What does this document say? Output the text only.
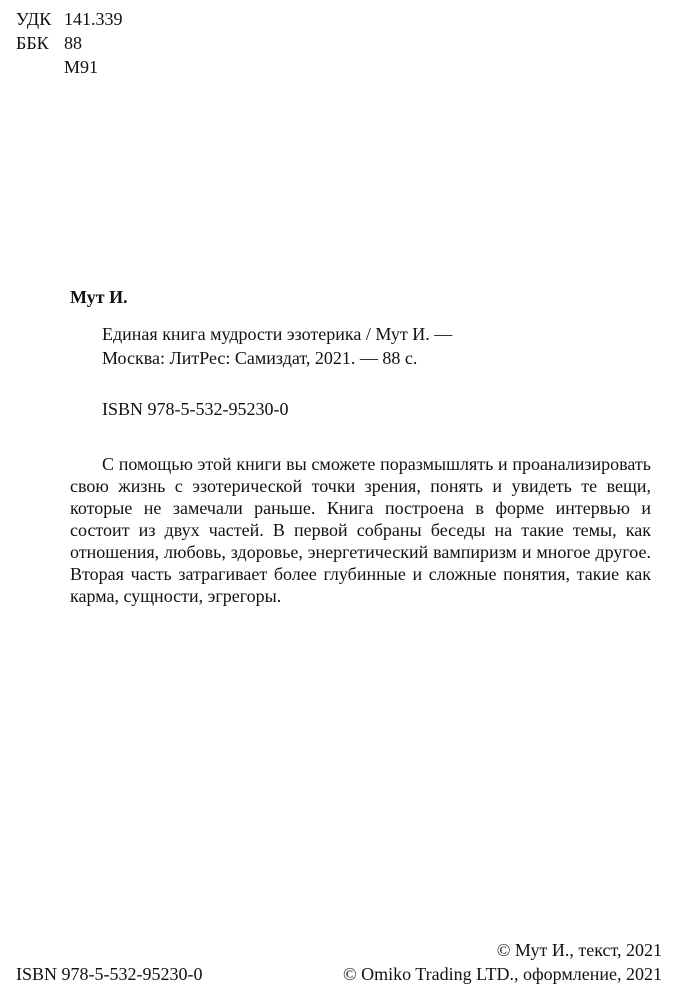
УДК 141.339
ББК 88
М91
Мут И.
Единая книга мудрости эзотерика / Мут И. —
Москва: ЛитРес: Самиздат, 2021. — 88 с.
ISBN 978-5-532-95230-0

С помощью этой книги вы сможете поразмышлять и проанализировать свою жизнь с эзотерической точки зрения, понять и увидеть те вещи, которые не замечали раньше. Книга построена в форме интервью и состоит из двух частей. В первой собраны беседы на такие темы, как отношения, любовь, здоровье, энергетический вампиризм и многое другое. Вторая часть затрагивает более глубинные и сложные понятия, такие как карма, сущности, эгрегоры.

ISBN 978-5-532-95230-0
© Мут И., текст, 2021
© Omiko Trading LTD., оформление, 2021
